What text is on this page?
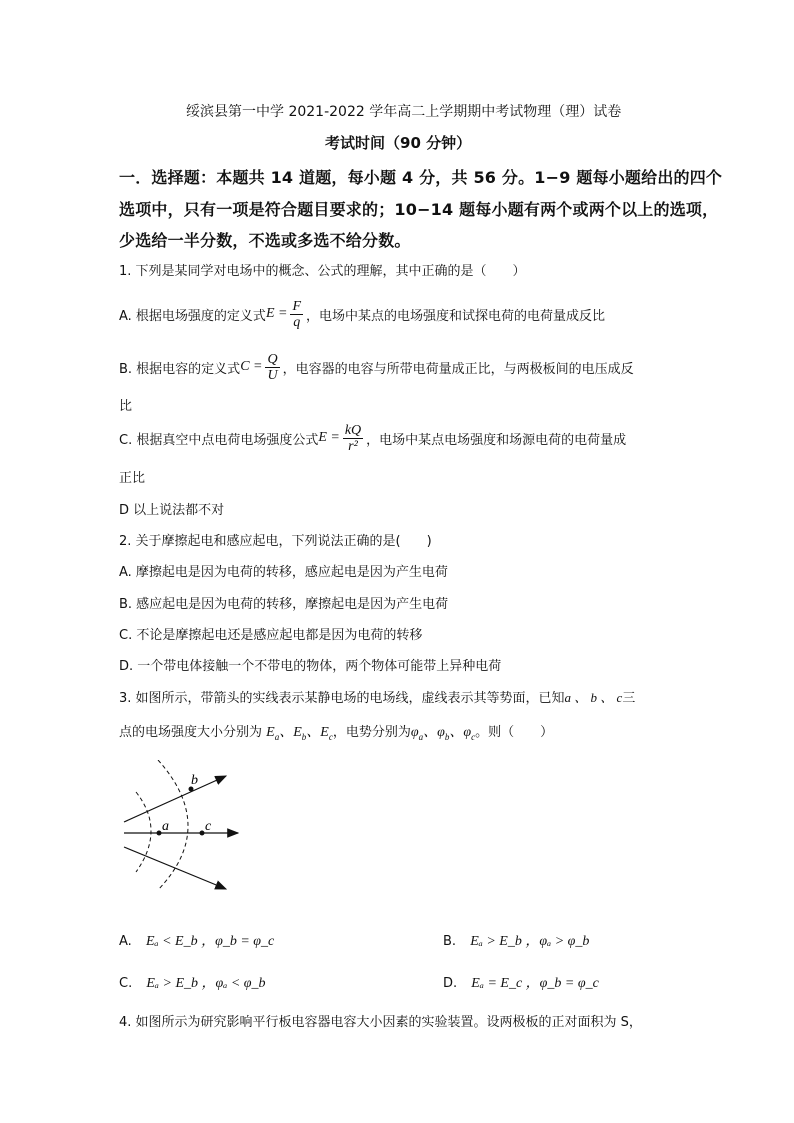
绥滨县第一中学 2021-2022 学年高二上学期期中考试物理（理）试卷
考试时间（90 分钟）
一．选择题：本题共 14 道题，每小题 4 分，共 56 分。1−9 题每小题给出的四个
选项中，只有一项是符合题目要求的；10−14 题每小题有两个或两个以上的选项，
少选给一半分数，不选或多选不给分数。
1. 下列是某同学对电场中的概念、公式的理解，其中正确的是（　　）
A. 根据电场强度的定义式 $E = \frac{F}{q}$ ，电场中某点的电场强度和试探电荷的电荷量成反比
B. 根据电容的定义式 $C = \frac{Q}{U}$ ，电容器的电容与所带电荷量成正比，与两极板间的电压成反
比
C. 根据真空中点电荷电场强度公式 $E = \frac{kQ}{\text{r²}}$ ，电场中某点电场强度和场源电荷的电荷量成
正比
D 以上说法都不对
2. 关于摩擦起电和感应起电，下列说法正确的是(　　)
A. 摩擦起电是因为电荷的转移，感应起电是因为产生电荷
B. 感应起电是因为电荷的转移，摩擦起电是因为产生电荷
C. 不论是摩擦起电还是感应起电都是因为电荷的转移
D. 一个带电体接触一个不带电的物体，两个物体可能带上异种电荷
3. 如图所示，带箭头的实线表示某静电场的电场线，虚线表示其等势面，已知a 、 b 、 c三
点的电场强度大小分别为 $E_a$、$E_b$、$E_c$，电势分别为$\varphi_a$、$\varphi_b$、$\varphi_c$。则（　　）
a	c
b
A. Eₐ < E_b ，φ_b = φ_c	B. Eₐ > E_b ，φₐ > φ_b
C. Eₐ > E_b ，φₐ < φ_b	D. Eₐ = E_c ，φ_b = φ_c
4. 如图所示为研究影响平行板电容器电容大小因素的实验装置。设两极板的正对面积为 S，
